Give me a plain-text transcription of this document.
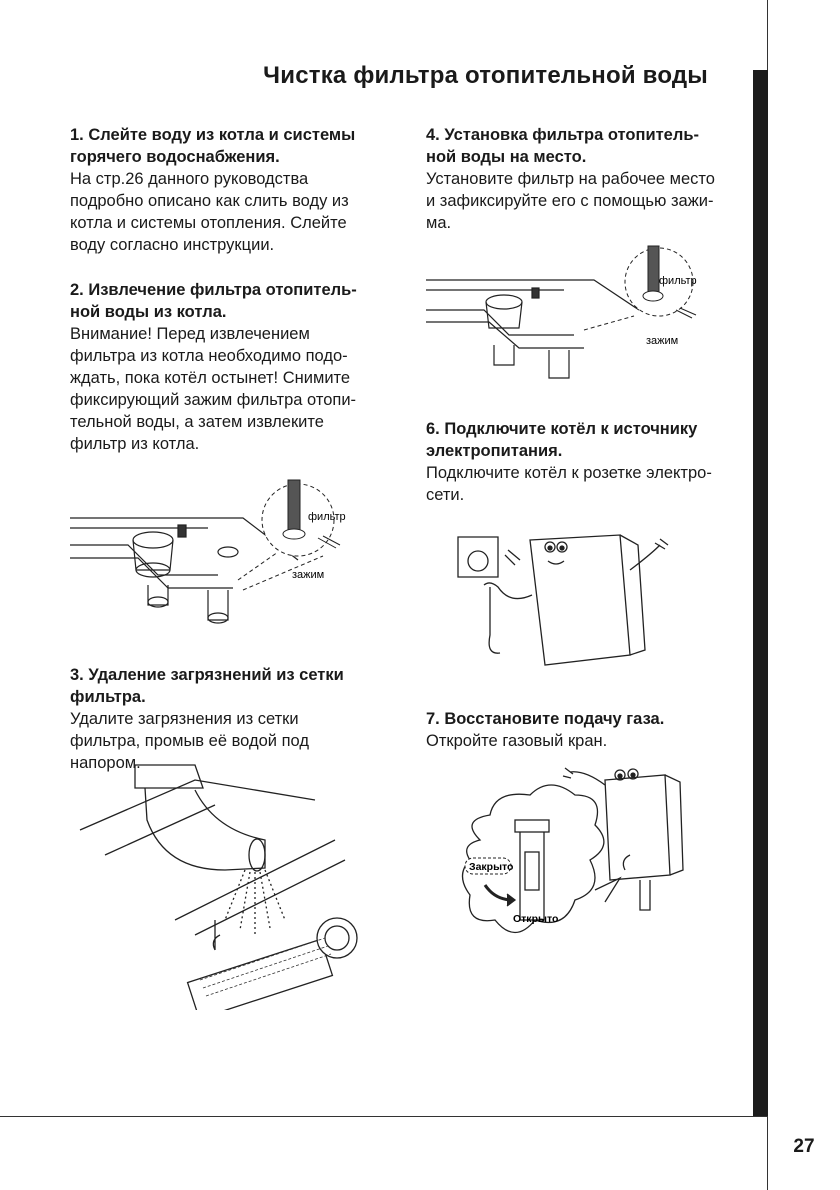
27
Чистка фильтра отопительной воды
1. Слейте воду из котла и системы горячего водоснабжения.
На стр.26 данного руководства подробно описано как слить воду из котла и системы отопления. Слейте воду согласно инструкции.
2. Извлечение фильтра отопитель-ной воды из котла.
Внимание! Перед извлечением фильтра из котла необходимо подо-ждать, пока котёл остынет! Снимите фиксирующий зажим фильтра отопи-тельной воды, а затем извлеките фильтр из котла.
фильтр
зажим
3. Удаление загрязнений из сетки фильтра.
Удалите загрязнения из сетки фильтра, промыв её водой под напором.
4. Установка фильтра отопитель-ной воды на место.
Установите фильтр на рабочее место и зафиксируйте его с помощью зажи-ма.
фильтр
зажим
6. Подключите котёл к источнику электропитания.
Подключите котёл к розетке электро-сети.
7. Восстановите подачу газа.
Откройте газовый кран.
Закрыто
Открыто
